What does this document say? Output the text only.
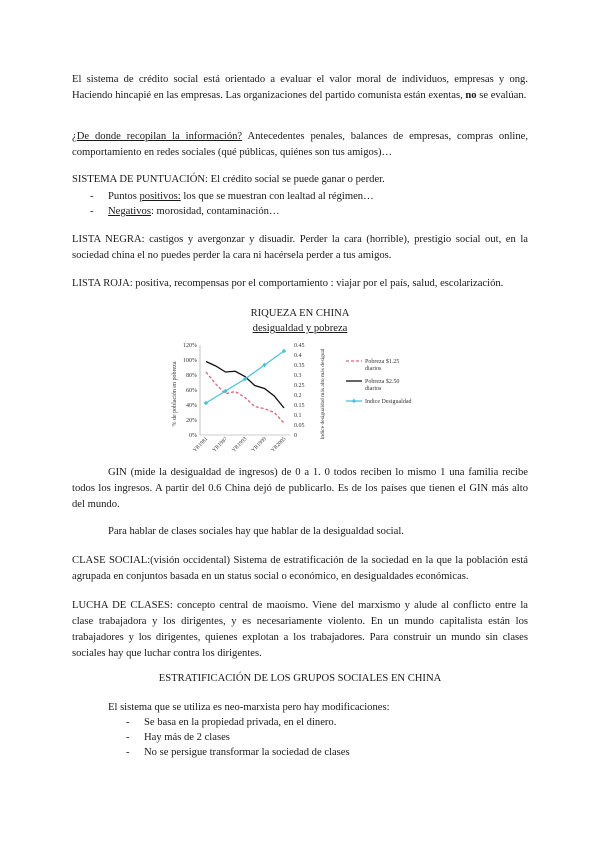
El sistema de crédito social está orientado a evaluar el valor moral de individuos, empresas y ong. Haciendo hincapié en las empresas. Las organizaciones del partido comunista están exentas, no se evalúan.

¿De donde recopilan la información? Antecedentes penales, balances de empresas, compras online, comportamiento en redes sociales (qué públicas, quiénes son tus amigos)…

SISTEMA DE PUNTUACIÓN: El crédito social se puede ganar o perder.

- Puntos positivos: los que se muestran con lealtad al régimen…
- Negativos: morosidad, contaminación…

LISTA NEGRA: castigos y avergonzar y disuadir. Perder la cara (horrible), prestigio social out, en la sociedad china el no puedes perder la cara ni hacérsela perder a tus amigos.

LISTA ROJA: positiva, recompensas por el comportamiento : viajar por el país, salud, escolarización.

RIQUEZA EN CHINA
desigualdad y pobreza
% de población en pobreza	Indice desigualdad más alto más desigual
0%
20%
40%
60%
80%
100%
120%
0
0.05
0.1
0.15
0.2
0.25
0.3
0.35
0.4
0.45
YR1981 YR1987 YR1993 YR1999 YR2005
Pobreza $1.25 diarios
Pobreza $2.50 diarios
Indice Desigualdad

GIN (mide la desigualdad de ingresos) de 0 a 1. 0 todos reciben lo mismo 1 una familia recibe todos los ingresos. A partir del 0.6 China dejó de publicarlo. Es de los países que tienen el GIN más alto del mundo.

Para hablar de clases sociales hay que hablar de la desigualdad social.

CLASE SOCIAL:(visión occidental) Sistema de estratificación de la sociedad en la que la población está agrupada en conjuntos basada en un status social o económico, en desigualdades económicas.

LUCHA DE CLASES: concepto central de maoísmo. Viene del marxismo y alude al conflicto entre la clase trabajadora y los dirigentes, y es necesariamente violento. En un mundo capitalista están los trabajadores y los dirigentes, quienes explotan a los trabajadores. Para construir un mundo sin clases sociales hay que luchar contra los dirigentes.

ESTRATIFICACIÓN DE LOS GRUPOS SOCIALES EN CHINA

El sistema que se utiliza es neo-marxista pero hay modificaciones:

- Se basa en la propiedad privada, en el dinero.
- Hay más de 2 clases
- No se persigue transformar la sociedad de clases
